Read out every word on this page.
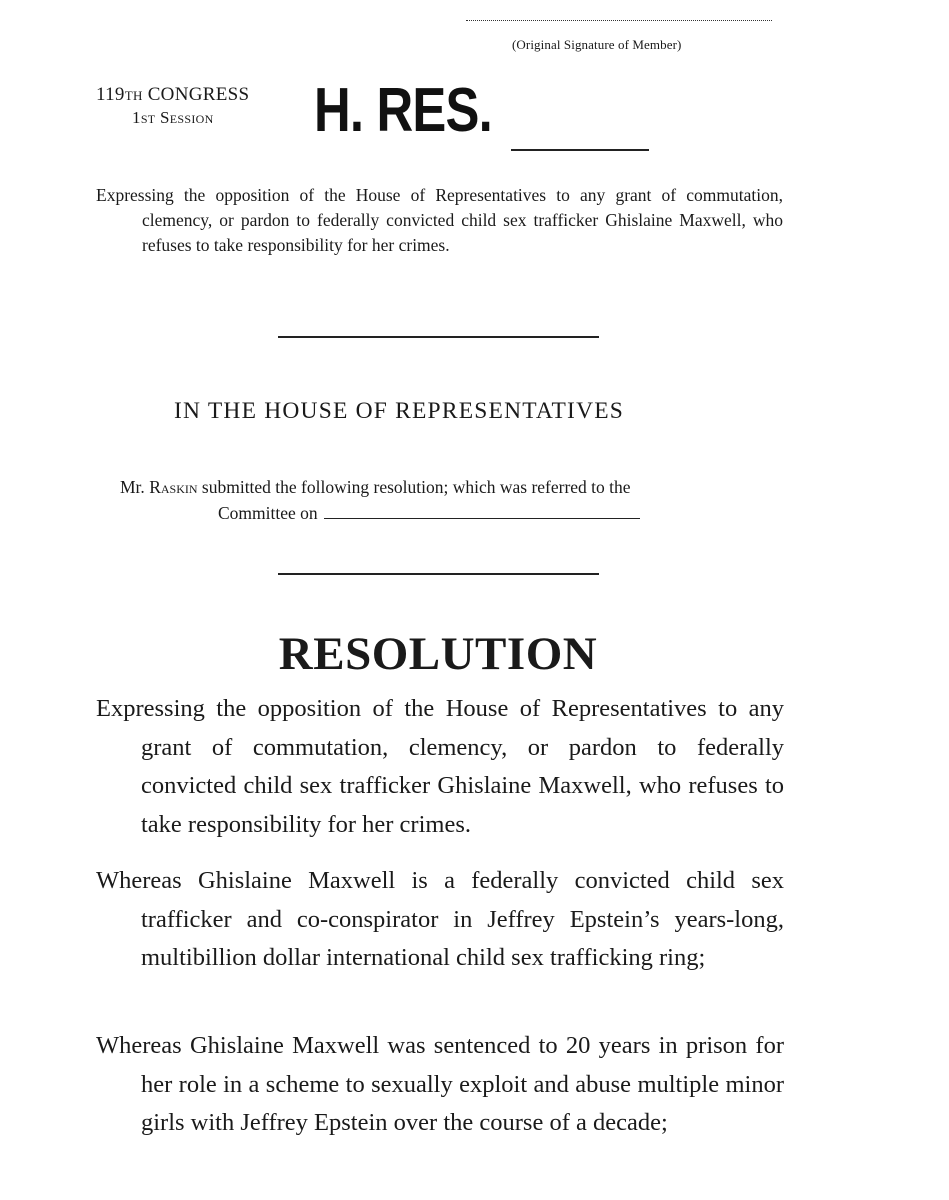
(Original Signature of Member)
119th CONGRESS
1st Session H. RES.
Expressing the opposition of the House of Representatives to any grant of commutation, clemency, or pardon to federally convicted child sex trafficker Ghislaine Maxwell, who refuses to take responsibility for her crimes.
IN THE HOUSE OF REPRESENTATIVES
Mr. Raskin submitted the following resolution; which was referred to the
Committee on
RESOLUTION
Expressing the opposition of the House of Representatives to any grant of commutation, clemency, or pardon to federally convicted child sex trafficker Ghislaine Maxwell, who refuses to take responsibility for her crimes.
Whereas Ghislaine Maxwell is a federally convicted child sex trafficker and co-conspirator in Jeffrey Epstein’s years-long, multibillion dollar international child sex trafficking ring;
Whereas Ghislaine Maxwell was sentenced to 20 years in prison for her role in a scheme to sexually exploit and abuse multiple minor girls with Jeffrey Epstein over the course of a decade;
